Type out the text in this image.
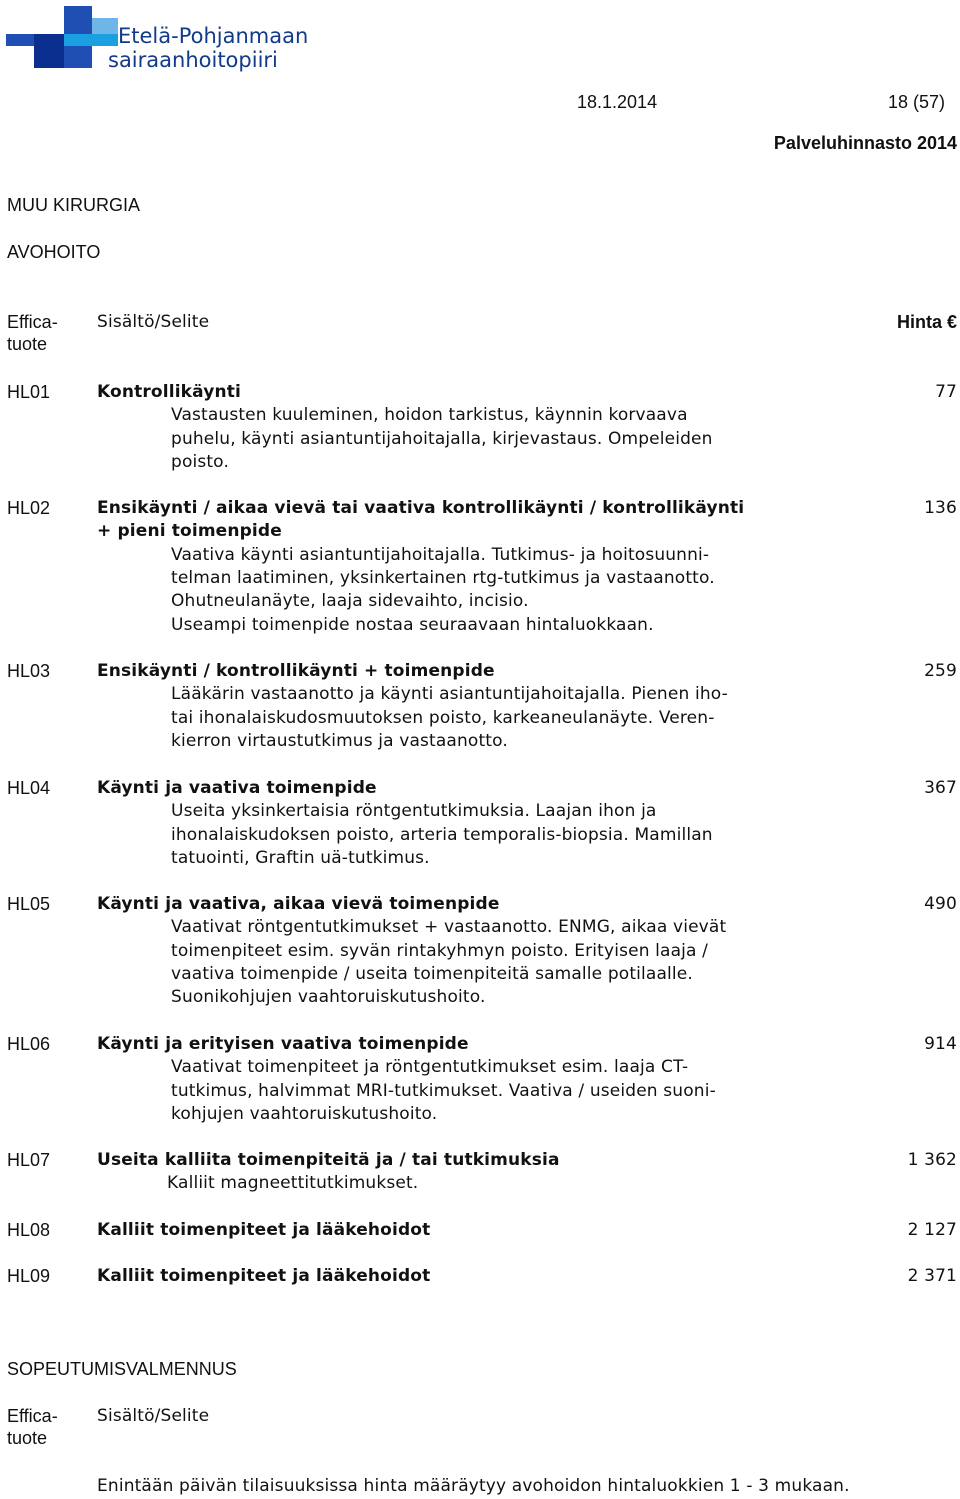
Etelä-Pohjanmaan
sairaanhoitopiiri
18.1.2014	18 (57)
Palveluhinnasto 2014
MUU KIRURGIA
AVOHOITO
Effica-
tuote
Sisältö/Selite	Hinta €
HL01	Kontrollikäynti
Vastausten kuuleminen, hoidon tarkistus, käynnin korvaava
puhelu, käynti asiantuntijahoitajalla, kirjevastaus. Ompeleiden
poisto.
77
HL02	Ensikäynti / aikaa vievä tai vaativa kontrollikäynti / kontrollikäynti
+ pieni toimenpide
Vaativa käynti asiantuntijahoitajalla. Tutkimus- ja hoitosuunni-
telman laatiminen, yksinkertainen rtg-tutkimus ja vastaanotto.
Ohutneulanäyte, laaja sidevaihto, incisio.
Useampi toimenpide nostaa seuraavaan hintaluokkaan.
136
HL03	Ensikäynti / kontrollikäynti + toimenpide
Lääkärin vastaanotto ja käynti asiantuntijahoitajalla. Pienen iho-
tai ihonalaiskudosmuutoksen poisto, karkeaneulanäyte. Veren-
kierron virtaustutkimus ja vastaanotto.
259
HL04	Käynti ja vaativa toimenpide
Useita yksinkertaisia röntgentutkimuksia. Laajan ihon ja
ihonalaiskudoksen poisto, arteria temporalis-biopsia. Mamillan
tatuointi, Graftin uä-tutkimus.
367
HL05	Käynti ja vaativa, aikaa vievä toimenpide
Vaativat röntgentutkimukset + vastaanotto. ENMG, aikaa vievät
toimenpiteet esim. syvän rintakyhmyn poisto. Erityisen laaja /
vaativa toimenpide / useita toimenpiteitä samalle potilaalle.
Suonikohjujen vaahtoruiskutushoito.
490
HL06	Käynti ja erityisen vaativa toimenpide
Vaativat toimenpiteet ja röntgentutkimukset esim. laaja CT-
tutkimus, halvimmat MRI-tutkimukset. Vaativa / useiden suoni-
kohjujen vaahtoruiskutushoito.
914
HL07	Useita kalliita toimenpiteitä ja / tai tutkimuksia
Kalliit magneettitutkimukset.
1 362
HL08	Kalliit toimenpiteet ja lääkehoidot	2 127
HL09	Kalliit toimenpiteet ja lääkehoidot	2 371
SOPEUTUMISVALMENNUS
Effica-
tuote
Sisältö/Selite
Enintään päivän tilaisuuksissa hinta määräytyy avohoidon hintaluokkien 1 - 3 mukaan.
